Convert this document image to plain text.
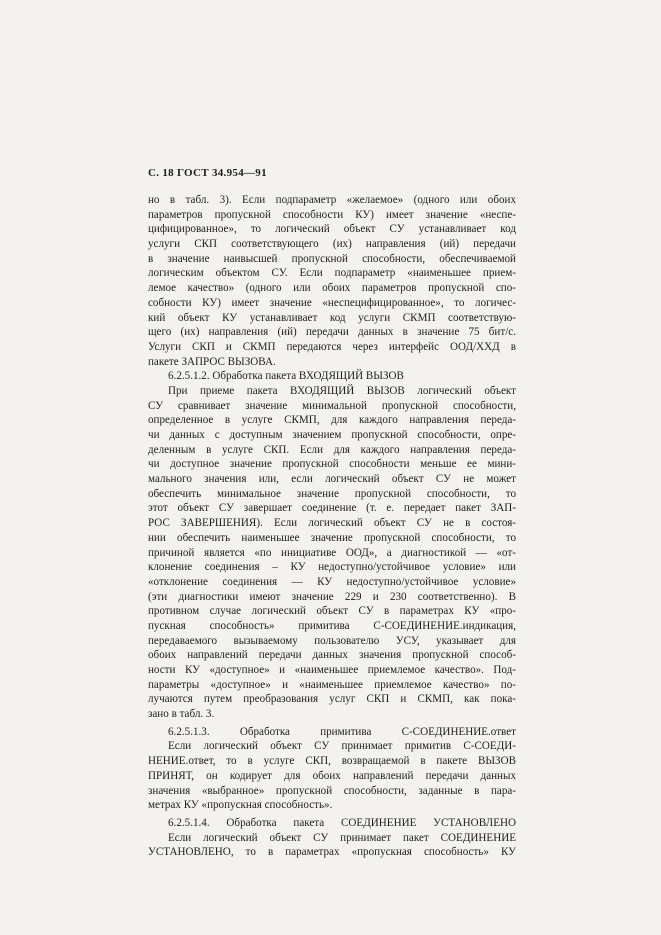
С. 18 ГОСТ 34.954—91
но в табл. 3). Если подпараметр «желаемое» (одного или обоих
параметров пропускной способности КУ) имеет значение «неспе-
цифицированное», то логический объект СУ устанавливает код
услуги СКП соответствующего (их) направления (ий) передачи
в значение наивысшей пропускной способности, обеспечиваемой
логическим объектом СУ. Если подпараметр «наименьшее прием-
лемое качество» (одного или обоих параметров пропускной спо-
собности КУ) имеет значение «неспецифицированное», то логичес-
кий объект КУ устанавливает код услуги СКМП соответствую-
щего (их) направления (ий) передачи данных в значение 75 бит/с.
Услуги СКП и СКМП передаются через интерфейс ООД/ХХД в
пакете ЗАПРОС ВЫЗОВА.
6.2.5.1.2. Обработка пакета ВХОДЯЩИЙ ВЫЗОВ
При приеме пакета ВХОДЯЩИЙ ВЫЗОВ логический объект
СУ сравнивает значение минимальной пропускной способности,
определенное в услуге СКМП, для каждого направления переда-
чи данных с доступным значением пропускной способности, опре-
деленным в услуге СКП. Если для каждого направления переда-
чи доступное значение пропускной способности меньше ее мини-
мального значения или, если логический объект СУ не может
обеспечить минимальное значение пропускной способности, то
этот объект СУ завершает соединение (т. е. передает пакет ЗАП-
РОС ЗАВЕРШЕНИЯ). Если логический объект СУ не в состоя-
нии обеспечить наименьшее значение пропускной способности, то
причиной является «по инициативе ООД», а диагностикой — «от-
клонение соединения – КУ недоступно/устойчивое условие» или
«отклонение соединения — КУ недоступно/устойчивое условие»
(эти диагностики имеют значение 229 и 230 соответственно). В
противном случае логический объект СУ в параметрах КУ «про-
пускная способность» примитива С-СОЕДИНЕНИЕ.индикация,
передаваемого вызываемому пользователю УСУ, указывает для
обоих направлений передачи данных значения пропускной способ-
ности КУ «доступное» и «наименьшее приемлемое качество». Под-
параметры «доступное» и «наименьшее приемлемое качество» по-
лучаются путем преобразования услуг СКП и СКМП, как пока-
зано в табл. 3.
6.2.5.1.3. Обработка примитива С-СОЕДИНЕНИЕ.ответ
Если логический объект СУ принимает примитив С-СОЕДИ-
НЕНИЕ.ответ, то в услуге СКП, возвращаемой в пакете ВЫЗОВ
ПРИНЯТ, он кодирует для обоих направлений передачи данных
значения «выбранное» пропускной способности, заданные в пара-
метрах КУ «пропускная способность».
6.2.5.1.4. Обработка пакета СОЕДИНЕНИЕ УСТАНОВЛЕНО
Если логический объект СУ принимает пакет СОЕДИНЕНИЕ
УСТАНОВЛЕНО, то в параметрах «пропускная способность» КУ
